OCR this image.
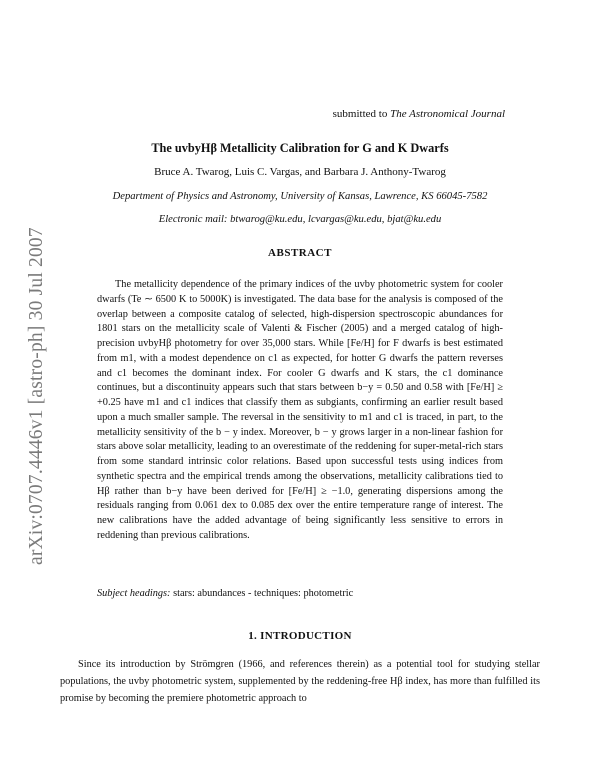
arXiv:0707.4446v1 [astro-ph] 30 Jul 2007
submitted to The Astronomical Journal
The uvbyHβ Metallicity Calibration for G and K Dwarfs
Bruce A. Twarog, Luis C. Vargas, and Barbara J. Anthony-Twarog
Department of Physics and Astronomy, University of Kansas, Lawrence, KS 66045-7582
Electronic mail: btwarog@ku.edu, lcvargas@ku.edu, bjat@ku.edu
ABSTRACT

The metallicity dependence of the primary indices of the uvby photometric system for cooler dwarfs (Te ∼ 6500 K to 5000K) is investigated. The data base for the analysis is composed of the overlap between a composite catalog of selected, high-dispersion spectroscopic abundances for 1801 stars on the metallicity scale of Valenti & Fischer (2005) and a merged catalog of high-precision uvbyHβ photometry for over 35,000 stars. While [Fe/H] for F dwarfs is best estimated from m1, with a modest dependence on c1 as expected, for hotter G dwarfs the pattern reverses and c1 becomes the dominant index. For cooler G dwarfs and K stars, the c1 dominance continues, but a discontinuity appears such that stars between b−y = 0.50 and 0.58 with [Fe/H] ≥ +0.25 have m1 and c1 indices that classify them as subgiants, confirming an earlier result based upon a much smaller sample. The reversal in the sensitivity to m1 and c1 is traced, in part, to the metallicity sensitivity of the b − y index. Moreover, b − y grows larger in a non-linear fashion for stars above solar metallicity, leading to an overestimate of the reddening for super-metal-rich stars from some standard intrinsic color relations. Based upon successful tests using indices from synthetic spectra and the empirical trends among the observations, metallicity calibrations tied to Hβ rather than b−y have been derived for [Fe/H] ≥ −1.0, generating dispersions among the residuals ranging from 0.061 dex to 0.085 dex over the entire temperature range of interest. The new calibrations have the added advantage of being significantly less sensitive to errors in reddening than previous calibrations.

Subject headings: stars: abundances - techniques: photometric
1. INTRODUCTION

Since its introduction by Strömgren (1966, and references therein) as a potential tool for studying stellar populations, the uvby photometric system, supplemented by the reddening-free Hβ index, has more than fulfilled its promise by becoming the premiere photometric approach to
